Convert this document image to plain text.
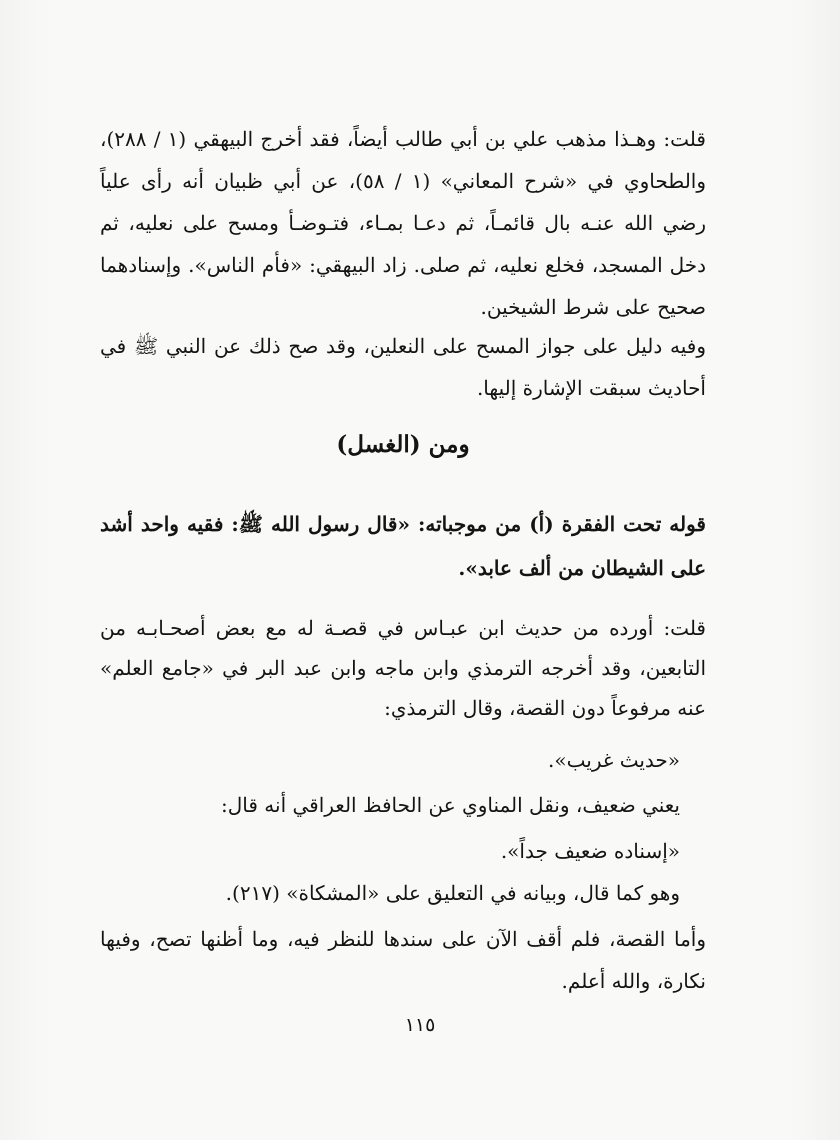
قلت: وهـذا مذهب علي بن أبي طالب أيضاً، فقد أخرج البيهقي (١ / ٢٨٨)، والطحاوي في «شرح المعاني» (١ / ٥٨)، عن أبي ظبيان أنه رأى علياً رضي الله عنـه بال قائمـاً، ثم دعـا بمـاء، فتـوضـأ ومسح على نعليه، ثم دخل المسجد، فخلع نعليه، ثم صلى. زاد البيهقي: «فأم الناس». وإسنادهما صحيح على شرط الشيخين.
وفيه دليل على جواز المسح على النعلين، وقد صح ذلك عن النبي ﷺ في أحاديث سبقت الإشارة إليها.
ومن (الغسل)
قوله تحت الفقرة (أ) من موجباته: «قال رسول الله ﷺ: فقيه واحد أشد على الشيطان من ألف عابد».
قلت: أورده من حديث ابن عبـاس في قصـة له مع بعض أصحـابـه من التابعين، وقد أخرجه الترمذي وابن ماجه وابن عبد البر في «جامع العلم» عنه مرفوعاً دون القصة، وقال الترمذي:
«حديث غريب».
يعني ضعيف، ونقل المناوي عن الحافظ العراقي أنه قال:
«إسناده ضعيف جداً».
وهو كما قال، وبيانه في التعليق على «المشكاة» (٢١٧).
وأما القصة، فلم أقف الآن على سندها للنظر فيه، وما أظنها تصح، وفيها نكارة، والله أعلم.
١١٥
